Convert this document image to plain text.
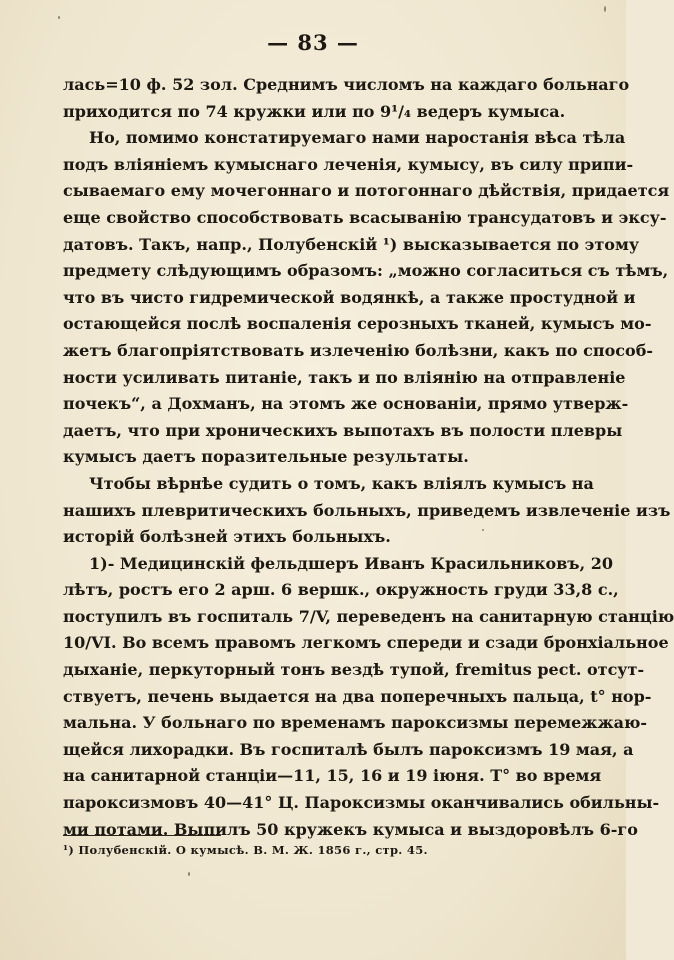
— 83 —
лась=10 ф. 52 зол. Среднимъ числомъ на каждаго больнаго
приходится по 74 кружки или по 9¹/₄ ведеръ кумыса.
Но, помимо констатируемаго нами наростанія вѣса тѣла
подъ вліяніемъ кумыснаго леченія, кумысу, въ силу припи-
сываемаго ему мочегоннаго и потогоннаго дѣйствія, придается
еще свойство способствовать всасыванію трансудатовъ и эксу-
датовъ. Такъ, напр., Полубенскій ¹) высказывается по этому
предмету слѣдующимъ образомъ: „можно согласиться съ тѣмъ,
что въ чисто гидремической водянкѣ, а также простудной и
остающейся послѣ воспаленія серозныхъ тканей, кумысъ мо-
жетъ благопріятствовать излеченію болѣзни, какъ по способ-
ности усиливать питаніе, такъ и по вліянію на отправленіе
почекъ“, а Дохманъ, на этомъ же основаніи, прямо утверж-
даетъ, что при хроническихъ выпотахъ въ полости плевры
кумысъ даетъ поразительные результаты.
Чтобы вѣрнѣе судить о томъ, какъ вліялъ кумысъ на
нашихъ плевритическихъ больныхъ, приведемъ извлеченіе изъ
исторій болѣзней этихъ больныхъ.
1)- Медицинскій фельдшеръ Иванъ Красильниковъ, 20
лѣтъ, ростъ его 2 арш. 6 вершк., окружность груди 33,8 с.,
поступилъ въ госпиталь 7/V, переведенъ на санитарную станцію
10/VI. Во всемъ правомъ легкомъ спереди и сзади бронхіальное
дыханіе, перкуторный тонъ вездѣ тупой, fremitus pect. отсут-
ствуетъ, печень выдается на два поперечныхъ пальца, t° нор-
мальна. У больнаго по временамъ пароксизмы перемежжаю-
щейся лихорадки. Въ госпиталѣ былъ пароксизмъ 19 мая, а
на санитарной станціи—11, 15, 16 и 19 іюня. T° во время
пароксизмовъ 40—41° Ц. Пароксизмы оканчивались обильны-
ми потами. Выпилъ 50 кружекъ кумыса и выздоровѣлъ 6-го
¹) Полубенскій. О кумысѣ. В. М. Ж. 1856 г., стр. 45.
